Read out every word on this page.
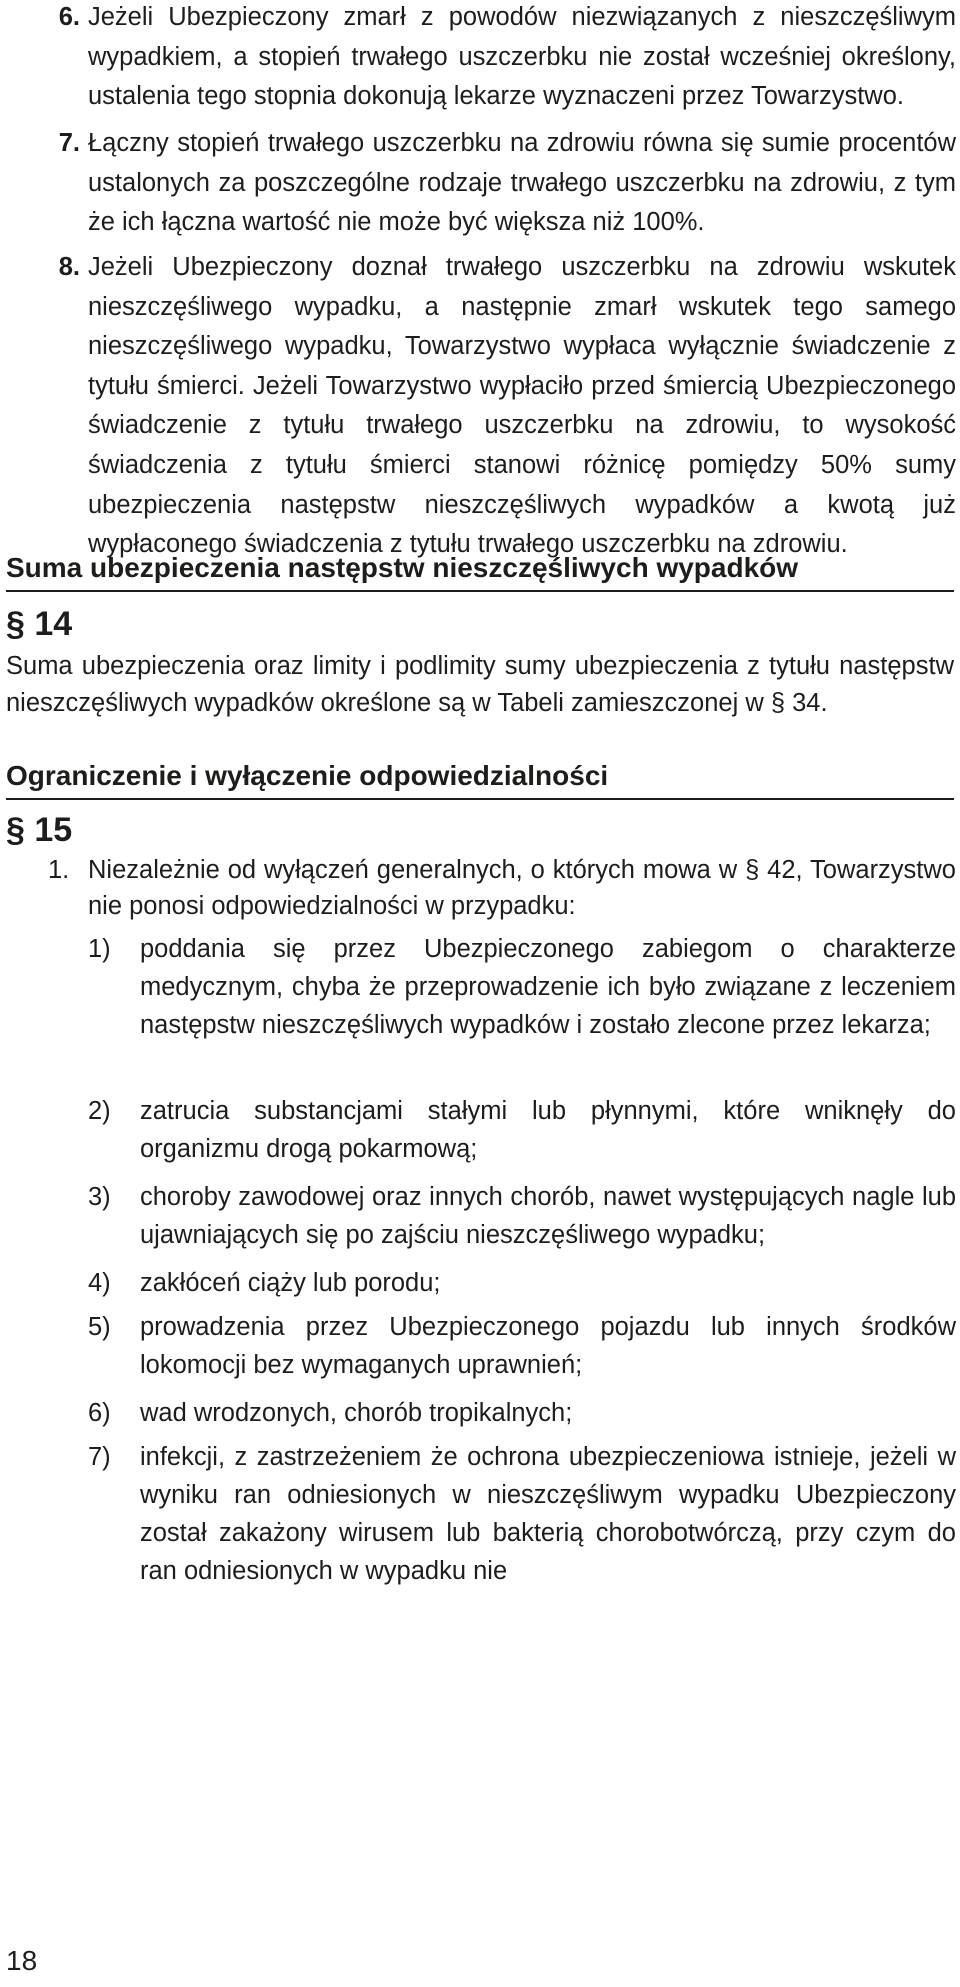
6. Jeżeli Ubezpieczony zmarł z powodów niezwiązanych z nieszczęśliwym wypadkiem, a stopień trwałego uszczerbku nie został wcześniej określony, ustalenia tego stopnia dokonują lekarze wyznaczeni przez Towarzystwo.
7. Łączny stopień trwałego uszczerbku na zdrowiu równa się sumie procentów ustalonych za poszczególne rodzaje trwałego uszczerbku na zdrowiu, z tym że ich łączna wartość nie może być większa niż 100%.
8. Jeżeli Ubezpieczony doznał trwałego uszczerbku na zdrowiu wskutek nieszczęśliwego wypadku, a następnie zmarł wskutek tego samego nieszczęśliwego wypadku, Towarzystwo wypłaca wyłącznie świadczenie z tytułu śmierci. Jeżeli Towarzystwo wypłaciło przed śmiercią Ubezpieczonego świadczenie z tytułu trwałego uszczerbku na zdrowiu, to wysokość świadczenia z tytułu śmierci stanowi różnicę pomiędzy 50% sumy ubezpieczenia następstw nieszczęśliwych wypadków a kwotą już wypłaconego świadczenia z tytułu trwałego uszczerbku na zdrowiu.
Suma ubezpieczenia następstw nieszczęśliwych wypadków
§ 14
Suma ubezpieczenia oraz limity i podlimity sumy ubezpieczenia z tytułu następstw nieszczęśliwych wypadków określone są w Tabeli zamieszczonej w § 34.
Ograniczenie i wyłączenie odpowiedzialności
§ 15
1. Niezależnie od wyłączeń generalnych, o których mowa w § 42, Towarzystwo nie ponosi odpowiedzialności w przypadku:
1) poddania się przez Ubezpieczonego zabiegom o charakterze medycznym, chyba że przeprowadzenie ich było związane z leczeniem następstw nieszczęśliwych wypadków i zostało zlecone przez lekarza;
2) zatrucia substancjami stałymi lub płynnymi, które wniknęły do organizmu drogą pokarmową;
3) choroby zawodowej oraz innych chorób, nawet występujących nagle lub ujawniających się po zajściu nieszczęśliwego wypadku;
4) zakłóceń ciąży lub porodu;
5) prowadzenia przez Ubezpieczonego pojazdu lub innych środków lokomocji bez wymaganych uprawnień;
6) wad wrodzonych, chorób tropikalnych;
7) infekcji, z zastrzeżeniem że ochrona ubezpieczeniowa istnieje, jeżeli w wyniku ran odniesionych w nieszczęśliwym wypadku Ubezpieczony został zakażony wirusem lub bakterią chorobotwórczą, przy czym do ran odniesionych w wypadku nie
18
